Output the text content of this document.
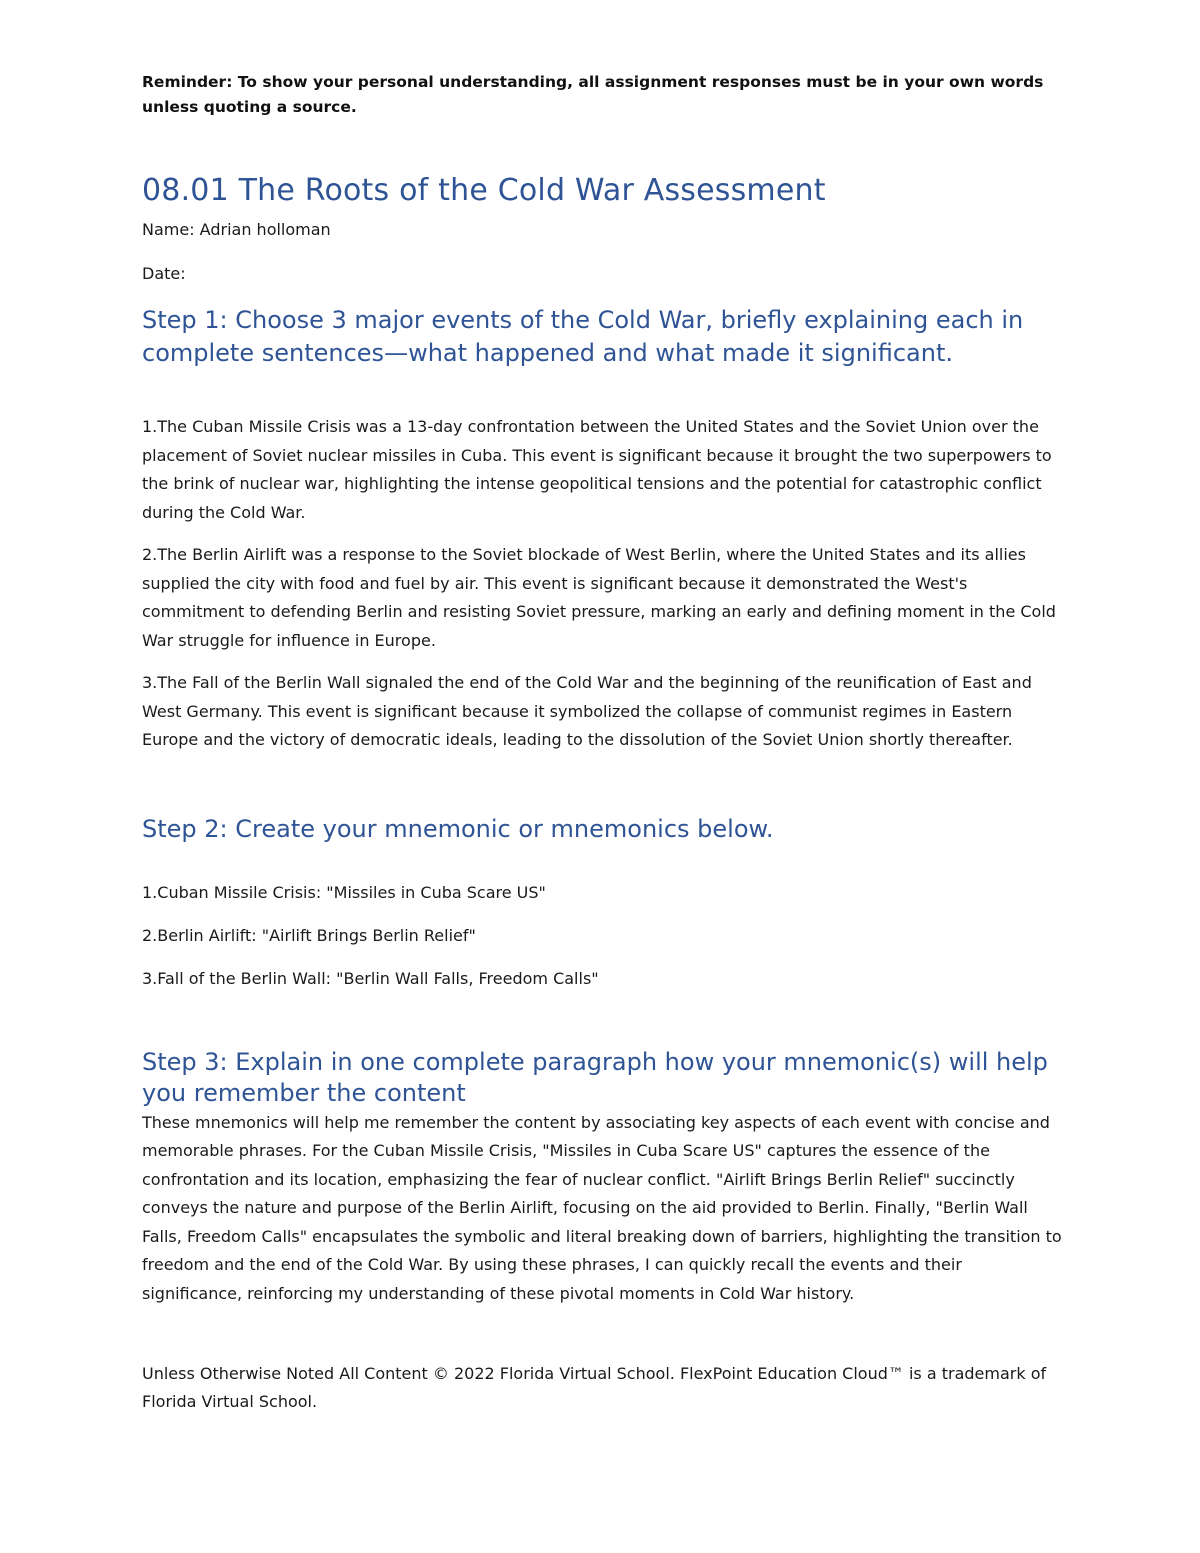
Reminder: To show your personal understanding, all assignment responses must be in your own words unless quoting a source.

08.01 The Roots of the Cold War Assessment

Name: Adrian holloman

Date:

Step 1: Choose 3 major events of the Cold War, briefly explaining each in complete sentences—what happened and what made it significant.

1.The Cuban Missile Crisis was a 13-day confrontation between the United States and the Soviet Union over the placement of Soviet nuclear missiles in Cuba. This event is significant because it brought the two superpowers to the brink of nuclear war, highlighting the intense geopolitical tensions and the potential for catastrophic conflict during the Cold War.

2.The Berlin Airlift was a response to the Soviet blockade of West Berlin, where the United States and its allies supplied the city with food and fuel by air. This event is significant because it demonstrated the West's commitment to defending Berlin and resisting Soviet pressure, marking an early and defining moment in the Cold War struggle for influence in Europe.

3.The Fall of the Berlin Wall signaled the end of the Cold War and the beginning of the reunification of East and West Germany. This event is significant because it symbolized the collapse of communist regimes in Eastern Europe and the victory of democratic ideals, leading to the dissolution of the Soviet Union shortly thereafter.

Step 2: Create your mnemonic or mnemonics below.

1.Cuban Missile Crisis: "Missiles in Cuba Scare US"

2.Berlin Airlift: "Airlift Brings Berlin Relief"

3.Fall of the Berlin Wall: "Berlin Wall Falls, Freedom Calls"

Step 3: Explain in one complete paragraph how your mnemonic(s) will help you remember the content

These mnemonics will help me remember the content by associating key aspects of each event with concise and memorable phrases. For the Cuban Missile Crisis, "Missiles in Cuba Scare US" captures the essence of the confrontation and its location, emphasizing the fear of nuclear conflict. "Airlift Brings Berlin Relief" succinctly conveys the nature and purpose of the Berlin Airlift, focusing on the aid provided to Berlin. Finally, "Berlin Wall Falls, Freedom Calls" encapsulates the symbolic and literal breaking down of barriers, highlighting the transition to freedom and the end of the Cold War. By using these phrases, I can quickly recall the events and their significance, reinforcing my understanding of these pivotal moments in Cold War history.

Unless Otherwise Noted All Content © 2022 Florida Virtual School. FlexPoint Education Cloud™ is a trademark of Florida Virtual School.
